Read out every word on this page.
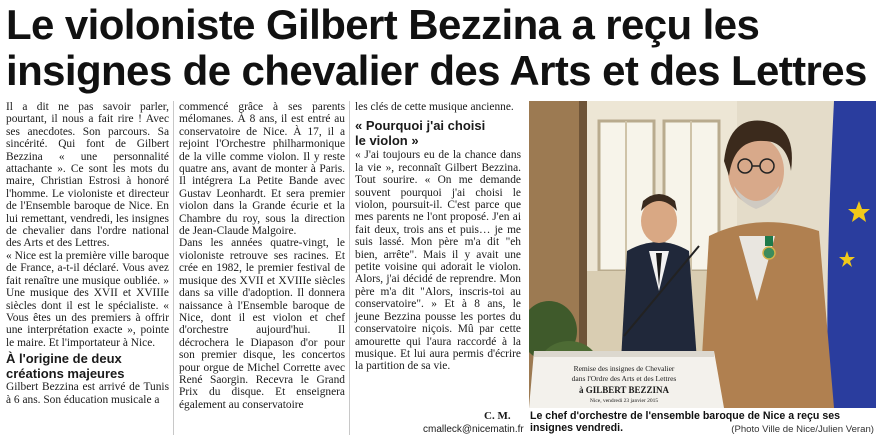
Le violoniste Gilbert Bezzina a reçu les insignes de chevalier des Arts et des Lettres

Il a dit ne pas savoir parler, pourtant, il nous a fait rire ! Avec ses anecdotes. Son parcours. Sa sincérité. Qui font de Gilbert Bezzina « une personnalité attachante ». Ce sont les mots du maire, Christian Estrosi à honoré l'homme. Le violoniste et directeur de l'Ensemble baroque de Nice. En lui remettant, vendredi, les insignes de chevalier dans l'ordre national des Arts et des Lettres.

« Nice est la première ville baroque de France, a-t-il déclaré. Vous avez fait renaître une musique oubliée. » Une musique des XVII et XVIIIe siècles dont il est le spécialiste. « Vous êtes un des premiers à offrir une interprétation exacte », pointe le maire. Et l'importateur à Nice.

À l'origine de deux
créations majeures

Gilbert Bezzina est arrivé de Tunis à 6 ans. Son éducation musicale a

commencé grâce à ses parents mélomanes. À 8 ans, il est entré au conservatoire de Nice. À 17, il a rejoint l'Orchestre philharmonique de la ville comme violon. Il y reste quatre ans, avant de monter à Paris. Il intégrera La Petite Bande avec Gustav Leonhardt. Et sera premier violon dans la Grande écurie et la Chambre du roy, sous la direction de Jean-Claude Malgoire.

Dans les années quatre-vingt, le violoniste retrouve ses racines. Et crée en 1982, le premier festival de musique des XVII et XVIIIe siècles dans sa ville d'adoption. Il donnera naissance à l'Ensemble baroque de Nice, dont il est violon et chef d'orchestre aujourd'hui. Il décrochera le Diapason d'or pour son premier disque, les concertos pour orgue de Michel Corrette avec René Saorgin. Recevra le Grand Prix du disque. Et enseignera également au conservatoire

les clés de cette musique ancienne.

« Pourquoi j'ai choisi
le violon »

« J'ai toujours eu de la chance dans la vie », reconnaît Gilbert Bezzina. Tout sourire. « On me demande souvent pourquoi j'ai choisi le violon, poursuit-il. C'est parce que mes parents ne l'ont proposé. J'en ai fait deux, trois ans et puis… je me suis lassé. Mon père m'a dit "eh bien, arrête". Mais il y avait une petite voisine qui adorait le violon. Alors, j'ai décidé de reprendre. Mon père m'a dit "Alors, inscris-toi au conservatoire". » Et à 8 ans, le jeune Bezzina pousse les portes du conservatoire niçois. Mû par cette amourette qui l'aura raccordé à la musique. Et lui aura permis d'écrire la partition de sa vie.

C. M.
cmalleck@nicematin.fr
Remise des insignes de Chevalier
dans l'Ordre des Arts et des Lettres
à GILBERT BEZZINA
Nice, vendredi 23 janvier 2015
Le chef d'orchestre de l'ensemble baroque de Nice a reçu ses insignes vendredi.	(Photo Ville de Nice/Julien Veran)
